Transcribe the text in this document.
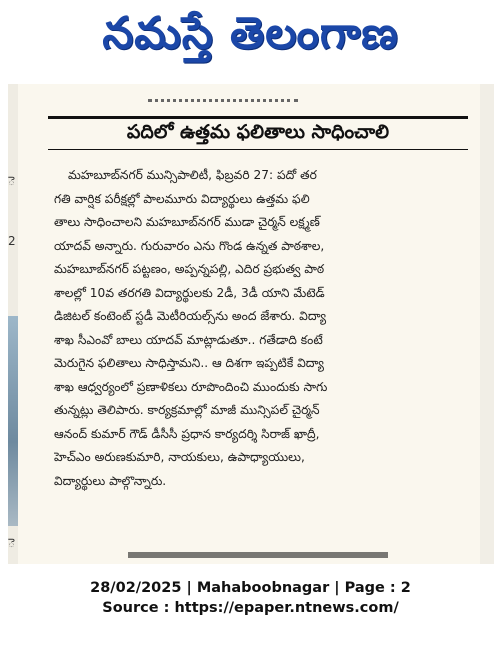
నమస్తే తెలంగాణ
ె
2
ె
పదిలో ఉత్తమ ఫలితాలు సాధించాలి
మహబూబ్‌నగర్ మున్సిపాలిటీ, ఫిబ్రవరి 27: పదో తర
గతి వార్షిక పరీక్షల్లో పాలమూరు విద్యార్థులు ఉత్తమ ఫలి
తాలు సాధించాలని మహబూబ్‌నగర్ ముడా చైర్మన్ లక్ష్మణ్
యాదవ్ అన్నారు. గురువారం ఎను గొండ ఉన్నత పాఠశాల,
మహబూబ్‌నగర్ పట్టణం, అప్పన్నపల్లి, ఎదిర ప్రభుత్వ పాఠ
శాలల్లో 10వ తరగతి విద్యార్థులకు 2డీ, 3డీ యాని మేటెడ్
డిజిటల్ కంటెంట్ స్టడీ మెటీరియల్స్‌ను అంద జేశారు. విద్యా
శాఖ సీఎంవో బాలు యాదవ్ మాట్లాడుతూ.. గతేడాది కంటే
మెరుగైన ఫలితాలు సాధిస్తామని.. ఆ దిశగా ఇప్పటికే విద్యా
శాఖ ఆధ్వర్యంలో ప్రణాళికలు రూపొందించి ముందుకు సాగు
తున్నట్లు తెలిపారు. కార్యక్రమాల్లో మాజీ మున్సిపల్ చైర్మన్
ఆనంద్ కుమార్ గౌడ్ డీసీసీ ప్రధాన కార్యదర్శి సిరాజ్ ఖాద్రీ,
హెచ్ఎం అరుణకుమారి, నాయకులు, ఉపాధ్యాయులు,
విద్యార్థులు పాల్గొన్నారు.
28/02/2025 | Mahaboobnagar | Page : 2
Source : https://epaper.ntnews.com/
